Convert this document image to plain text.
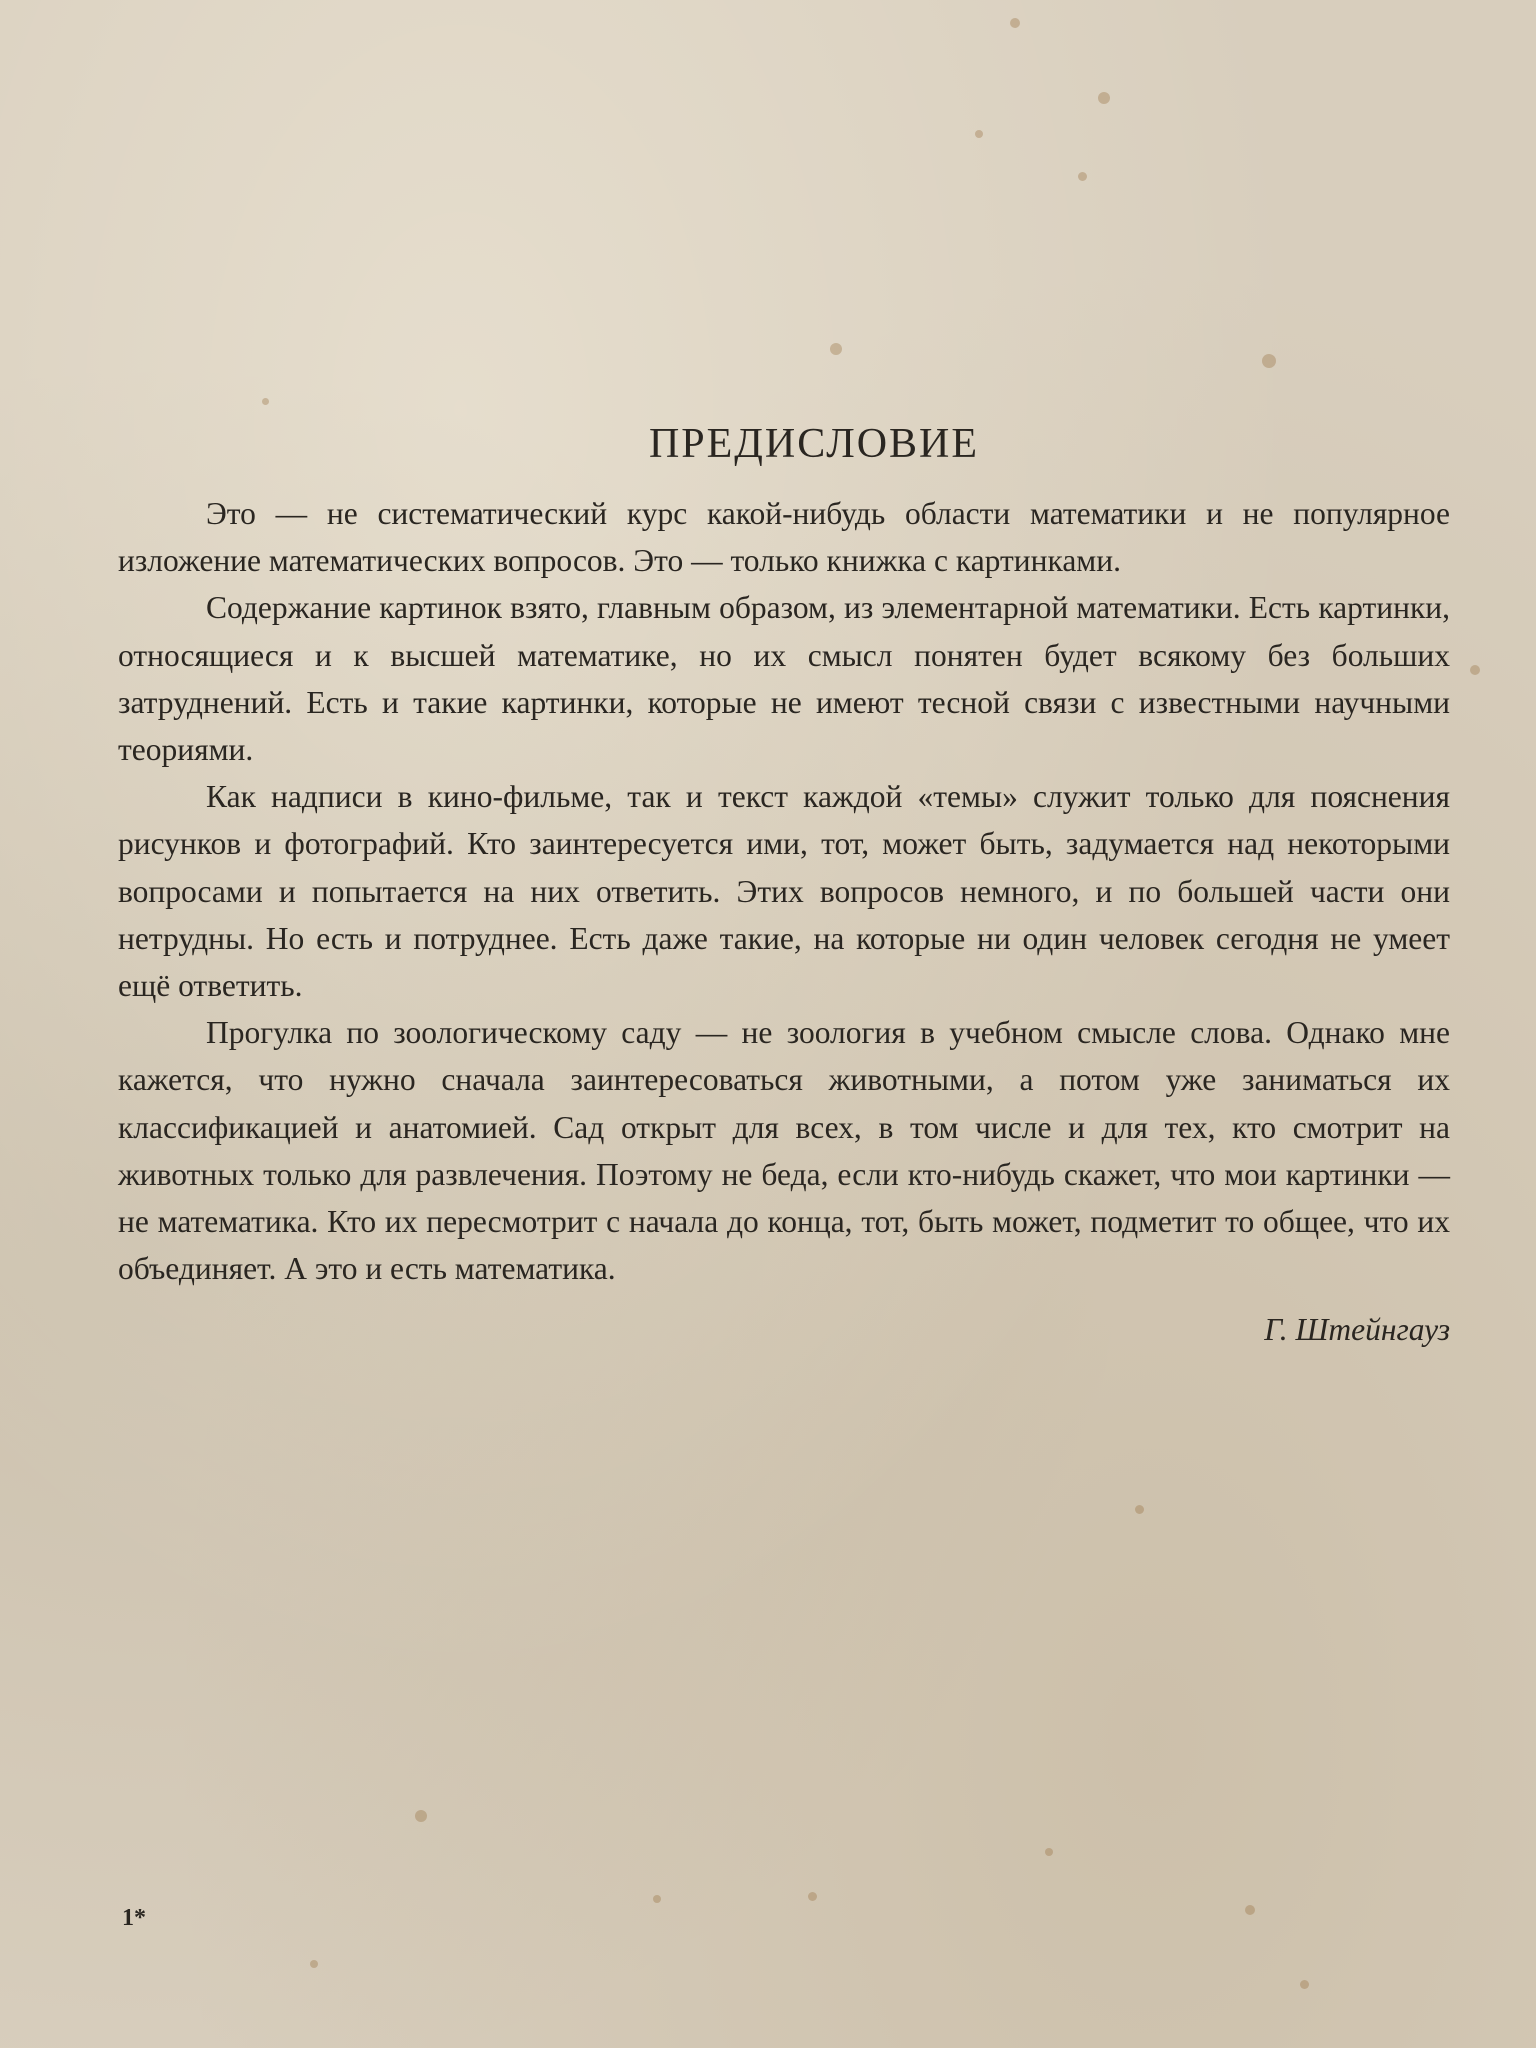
ПРЕДИСЛОВИЕ

Это — не систематический курс какой-нибудь области математики и не популярное изложение математических вопросов. Это — только книжка с картинками.

Содержание картинок взято, главным образом, из элементарной математики. Есть картинки, относящиеся и к высшей математике, но их смысл понятен будет всякому без больших затруднений. Есть и такие картинки, которые не имеют тесной связи с известными научными теориями.

Как надписи в кино-фильме, так и текст каждой «темы» служит только для пояснения рисунков и фотографий. Кто заинтересуется ими, тот, может быть, задумается над некоторыми вопросами и попытается на них ответить. Этих вопросов немного, и по большей части они нетрудны. Но есть и потруднее. Есть даже такие, на которые ни один человек сегодня не умеет ещё ответить.

Прогулка по зоологическому саду — не зоология в учебном смысле слова. Однако мне кажется, что нужно сначала заинтересоваться животными, а потом уже заниматься их классификацией и анатомией. Сад открыт для всех, в том числе и для тех, кто смотрит на животных только для развлечения. Поэтому не беда, если кто-нибудь скажет, что мои картинки — не математика. Кто их пересмотрит с начала до конца, тот, быть может, подметит то общее, что их объединяет. А это и есть математика.

Г. Штейнгауз
1*
